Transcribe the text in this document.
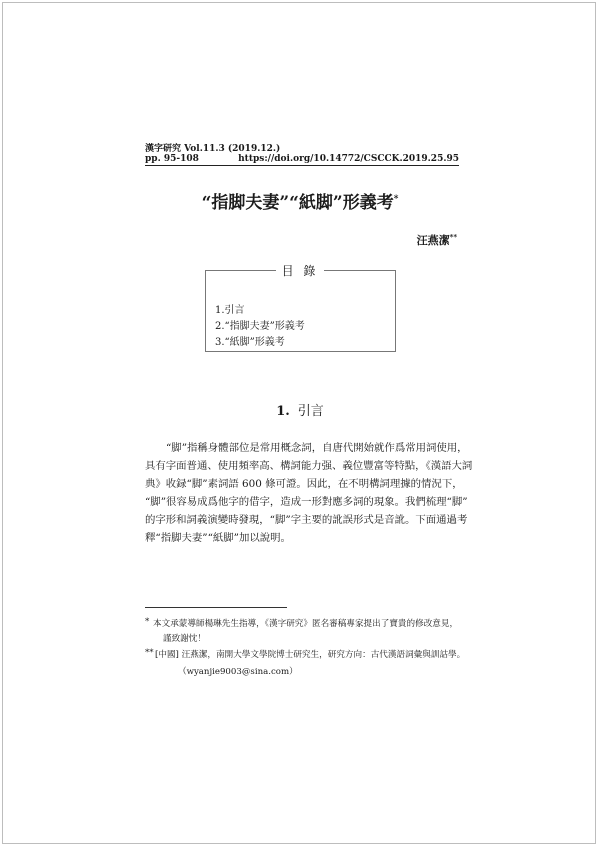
漢字研究 Vol.11.3 (2019.12.)
pp. 95-108	https://doi.org/10.14772/CSCCK.2019.25.95
“指脚夫妻”“紙脚”形義考*
汪燕潔**
目 錄
1.引言
2.“指脚夫妻”形義考
3.“紙脚”形義考
1. 引言
“脚”指稱身體部位是常用概念詞，自唐代開始就作爲常用詞使用，
具有字面普通、使用頻率高、構詞能力强、義位豐富等特點，《漢語大詞
典》收録“脚”素詞語 600 條可證。因此，在不明構詞理據的情況下，
“脚”很容易成爲他字的借字，造成一形對應多詞的現象。我們梳理“脚”
的字形和詞義演變時發現，“脚”字主要的訛誤形式是音訛。下面通過考
釋“指脚夫妻”“紙脚”加以說明。
* 本文承蒙導師楊琳先生指導，《漢字研究》匿名審稿專家提出了寶貴的修改意見，
謹致謝忱！
** [中國] 汪燕潔，南開大學文學院博士研究生，研究方向：古代漢語詞彙與訓詁學。
（wyanjie9003@sina.com）
